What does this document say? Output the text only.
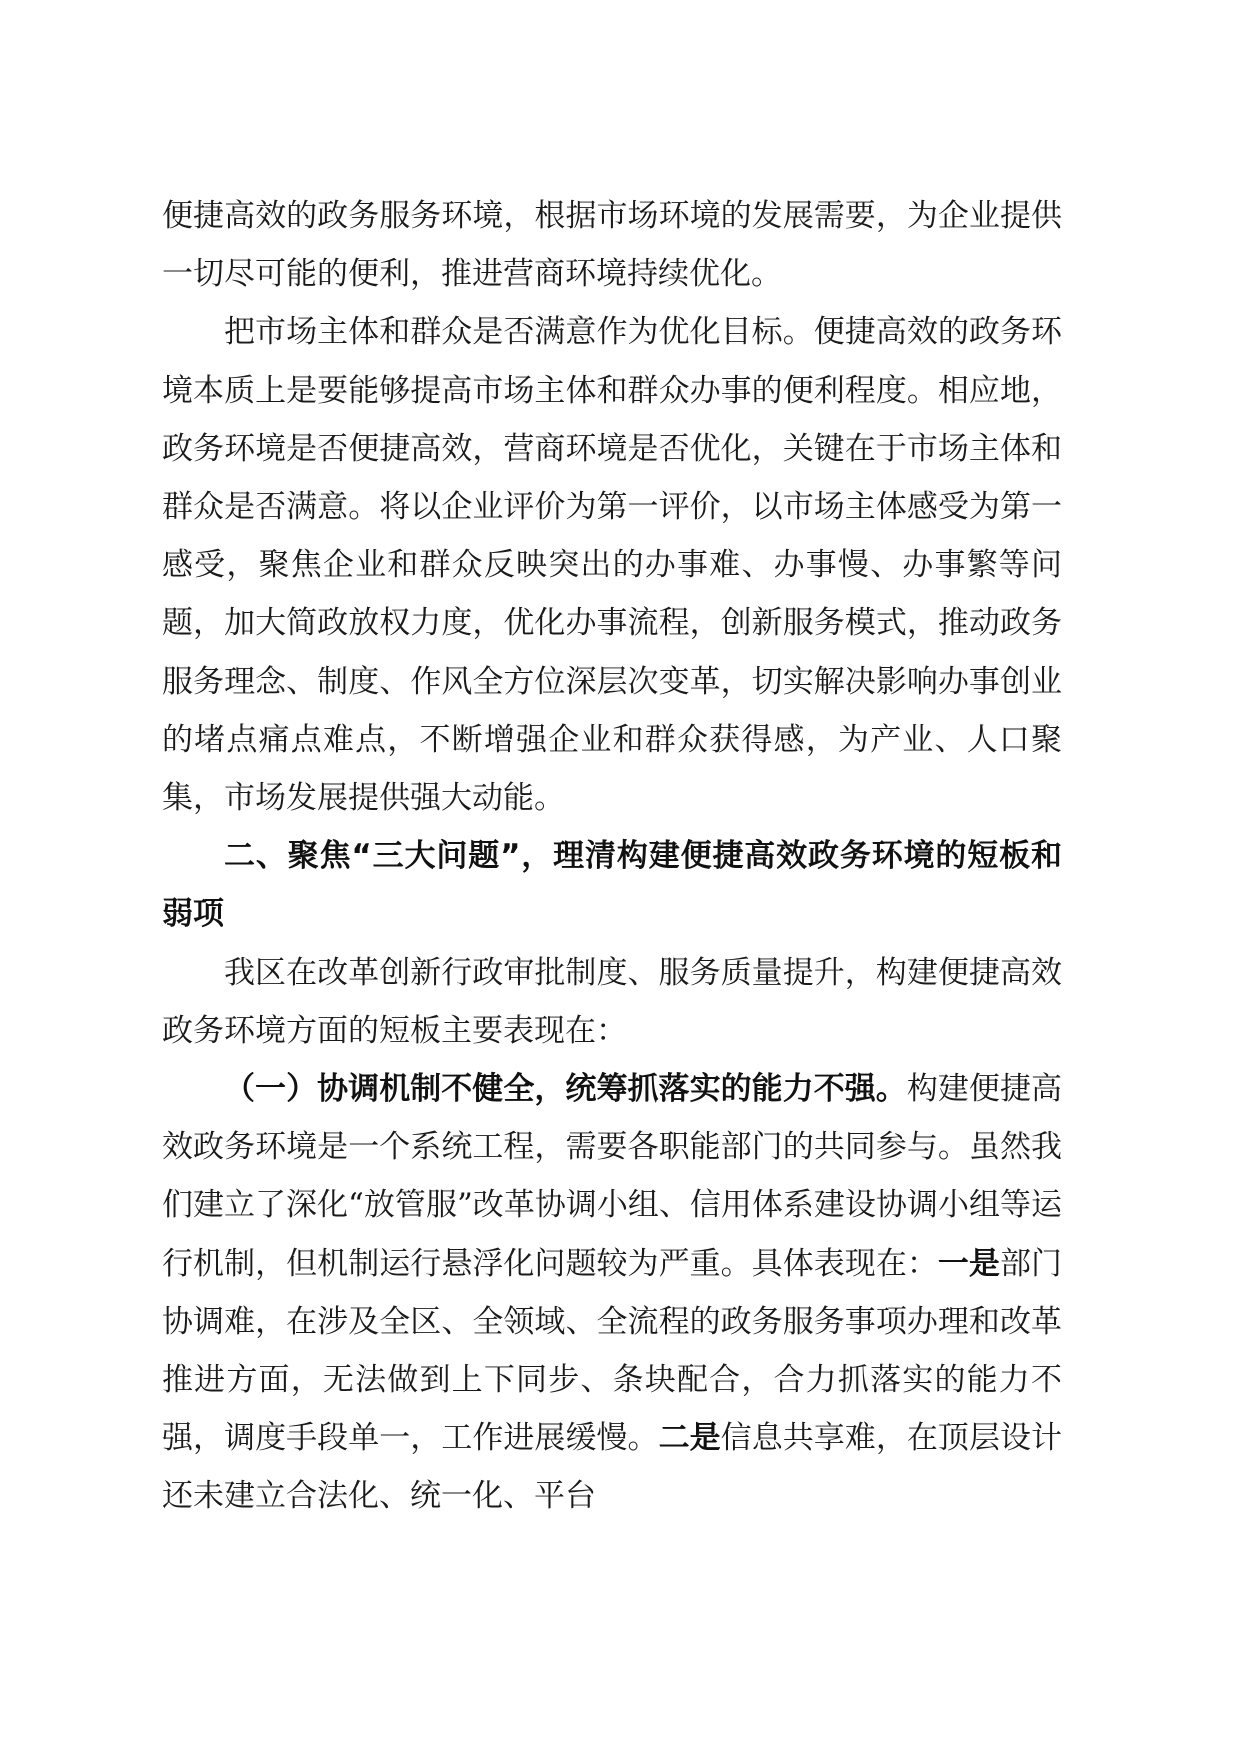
便捷高效的政务服务环境，根据市场环境的发展需要，为企业提供一切尽可能的便利，推进营商环境持续优化。

把市场主体和群众是否满意作为优化目标。便捷高效的政务环境本质上是要能够提高市场主体和群众办事的便利程度。相应地，政务环境是否便捷高效，营商环境是否优化，关键在于市场主体和群众是否满意。将以企业评价为第一评价，以市场主体感受为第一感受，聚焦企业和群众反映突出的办事难、办事慢、办事繁等问题，加大简政放权力度，优化办事流程，创新服务模式，推动政务服务理念、制度、作风全方位深层次变革，切实解决影响办事创业的堵点痛点难点，不断增强企业和群众获得感，为产业、人口聚集，市场发展提供强大动能。

二、聚焦“三大问题”，理清构建便捷高效政务环境的短板和弱项

我区在改革创新行政审批制度、服务质量提升，构建便捷高效政务环境方面的短板主要表现在：

（一）协调机制不健全，统筹抓落实的能力不强。构建便捷高效政务环境是一个系统工程，需要各职能部门的共同参与。虽然我们建立了深化“放管服”改革协调小组、信用体系建设协调小组等运行机制，但机制运行悬浮化问题较为严重。具体表现在：一是部门协调难，在涉及全区、全领域、全流程的政务服务事项办理和改革推进方面，无法做到上下同步、条块配合，合力抓落实的能力不强，调度手段单一，工作进展缓慢。二是信息共享难，在顶层设计还未建立合法化、统一化、平台
